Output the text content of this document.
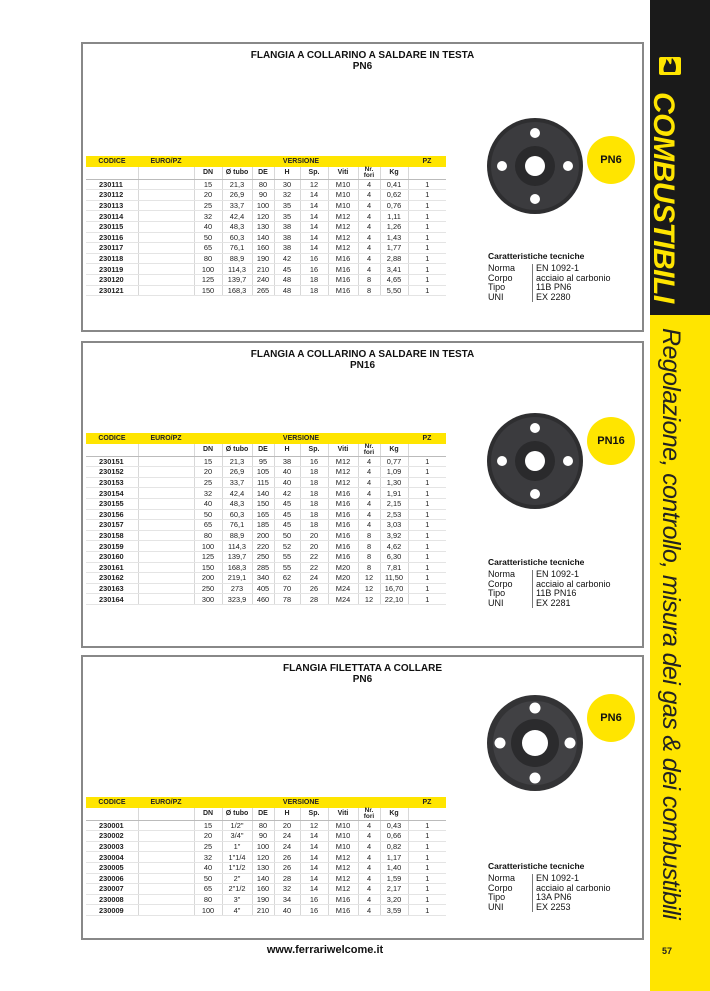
COMBUSTIBILI
Regolazione, controllo, misura dei gas & dei combustibili
57
FLANGIA A COLLARINO A SALDARE IN TESTA
PN6
CODICE	EURO/PZ	VERSIONE								PZ
		DN	Ø tubo	DE	H	Sp.	Viti	Nr.
fori	Kg	
230111		15	21,3	80	30	12	M10	4	0,41	1
230112		20	26,9	90	32	14	M10	4	0,62	1
230113		25	33,7	100	35	14	M10	4	0,76	1
230114		32	42,4	120	35	14	M12	4	1,11	1
230115		40	48,3	130	38	14	M12	4	1,26	1
230116		50	60,3	140	38	14	M12	4	1,43	1
230117		65	76,1	160	38	14	M12	4	1,77	1
230118		80	88,9	190	42	16	M16	4	2,88	1
230119		100	114,3	210	45	16	M16	4	3,41	1
230120		125	139,7	240	48	18	M16	8	4,65	1
230121		150	168,3	265	48	18	M16	8	5,50	1
PN6
Caratteristiche tecniche
Norma	EN 1092-1
Corpo	acciaio al carbonio
Tipo	11B PN6
UNI	EX 2280
FLANGIA A COLLARINO A SALDARE IN TESTA
PN16
CODICE	EURO/PZ	VERSIONE								PZ
		DN	Ø tubo	DE	H	Sp.	Viti	Nr.
fori	Kg	
230151		15	21,3	95	38	16	M12	4	0,77	1
230152		20	26,9	105	40	18	M12	4	1,09	1
230153		25	33,7	115	40	18	M12	4	1,30	1
230154		32	42,4	140	42	18	M16	4	1,91	1
230155		40	48,3	150	45	18	M16	4	2,15	1
230156		50	60,3	165	45	18	M16	4	2,53	1
230157		65	76,1	185	45	18	M16	4	3,03	1
230158		80	88,9	200	50	20	M16	8	3,92	1
230159		100	114,3	220	52	20	M16	8	4,62	1
230160		125	139,7	250	55	22	M16	8	6,30	1
230161		150	168,3	285	55	22	M20	8	7,81	1
230162		200	219,1	340	62	24	M20	12	11,50	1
230163		250	273	405	70	26	M24	12	16,70	1
230164		300	323,9	460	78	28	M24	12	22,10	1
PN16
Caratteristiche tecniche
Norma	EN 1092-1
Corpo	acciaio al carbonio
Tipo	11B PN16
UNI	EX 2281
FLANGIA FILETTATA A COLLARE
PN6
CODICE	EURO/PZ	VERSIONE								PZ
		DN	Ø tubo	DE	H	Sp.	Viti	Nr.
fori	Kg	
230001		15	1/2"	80	20	12	M10	4	0,43	1
230002		20	3/4"	90	24	14	M10	4	0,66	1
230003		25	1"	100	24	14	M10	4	0,82	1
230004		32	1"1/4	120	26	14	M12	4	1,17	1
230005		40	1"1/2	130	26	14	M12	4	1,40	1
230006		50	2"	140	28	14	M12	4	1,59	1
230007		65	2"1/2	160	32	14	M12	4	2,17	1
230008		80	3"	190	34	16	M16	4	3,20	1
230009		100	4"	210	40	16	M16	4	3,59	1
PN6
Caratteristiche tecniche
Norma	EN 1092-1
Corpo	acciaio al carbonio
Tipo	13A PN6
UNI	EX 2253
www.ferrariwelcome.it
